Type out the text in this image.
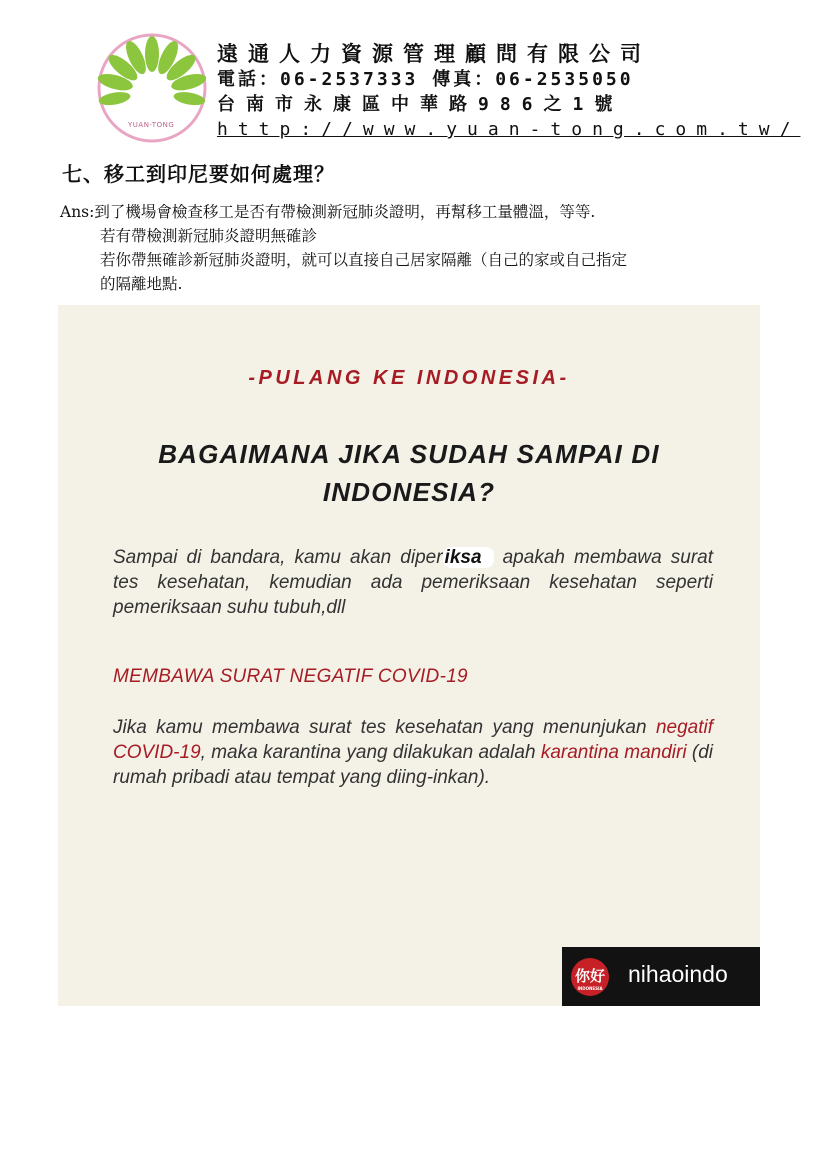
YUAN-TONG
遠通人力資源管理顧問有限公司
電話：06-2537333 傳真：06-2535050
台南市永康區中華路986之1號
http://www.yuan-tong.com.tw/
七、移工到印尼要如何處理？
Ans:到了機場會檢查移工是否有帶檢測新冠肺炎證明，再幫移工量體溫，等等.
若有帶檢測新冠肺炎證明無確診
若你帶無確診新冠肺炎證明，就可以直接自己居家隔離（自己的家或自己指定
的隔離地點.
-PULANG KE INDONESIA-
BAGAIMANA JIKA SUDAH SAMPAI DI
INDONESIA?
Sampai di bandara, kamu akan diper iksa apakah membawa surat tes kesehatan, kemudian ada pemeriksaan kesehatan seperti pemeriksaan suhu tubuh,dll
MEMBAWA SURAT NEGATIF COVID-19
Jika kamu membawa surat tes kesehatan yang menunjukan negatif COVID-19, maka karantina yang dilakukan adalah karantina mandiri (di rumah pribadi atau tempat yang diing-inkan).
你好
INDONESIA
nihaoindo
